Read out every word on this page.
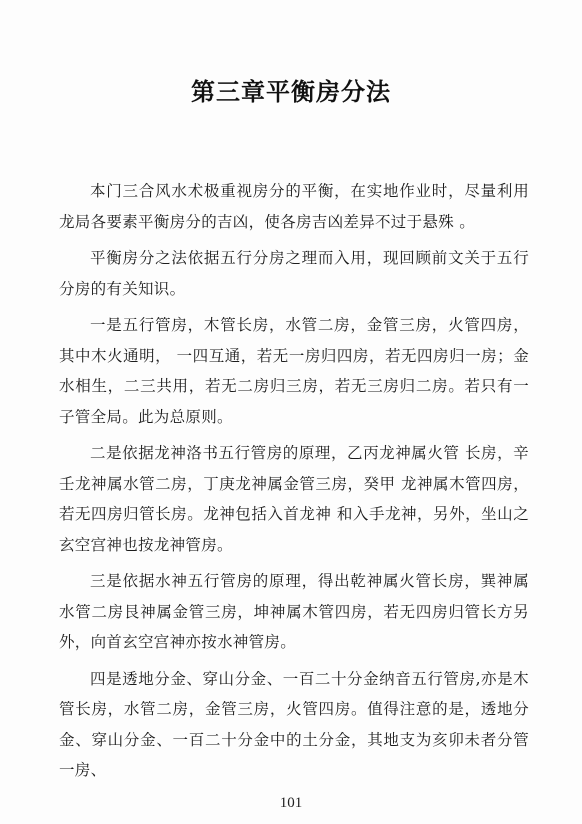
第三章平衡房分法

本门三合风水术极重视房分的平衡，在实地作业时，尽量利用龙局各要素平衡房分的吉凶，使各房吉凶差异不过于悬殊 。

平衡房分之法依据五行分房之理而入用，现回顾前文关于五行分房的有关知识。

一是五行管房，木管长房，水管二房，金管三房，火管四房，其中木火通明， 一四互通，若无一房归四房，若无四房归一房；金水相生，二三共用，若无二房归三房，若无三房归二房。若只有一子管全局。此为总原则。

二是依据龙神洛书五行管房的原理，乙丙龙神属火管 长房，辛壬龙神属水管二房，丁庚龙神属金管三房，癸甲 龙神属木管四房，若无四房归管长房。龙神包括入首龙神 和入手龙神，另外，坐山之玄空宫神也按龙神管房。

三是依据水神五行管房的原理，得出乾神属火管长房，巽神属水管二房艮神属金管三房，坤神属木管四房，若无四房归管长方另外，向首玄空宫神亦按水神管房。

四是透地分金、穿山分金、一百二十分金纳音五行管房,亦是木管长房，水管二房，金管三房，火管四房。值得注意的是，透地分金、穿山分金、一百二十分金中的土分金，其地支为亥卯未者分管一房、

101
